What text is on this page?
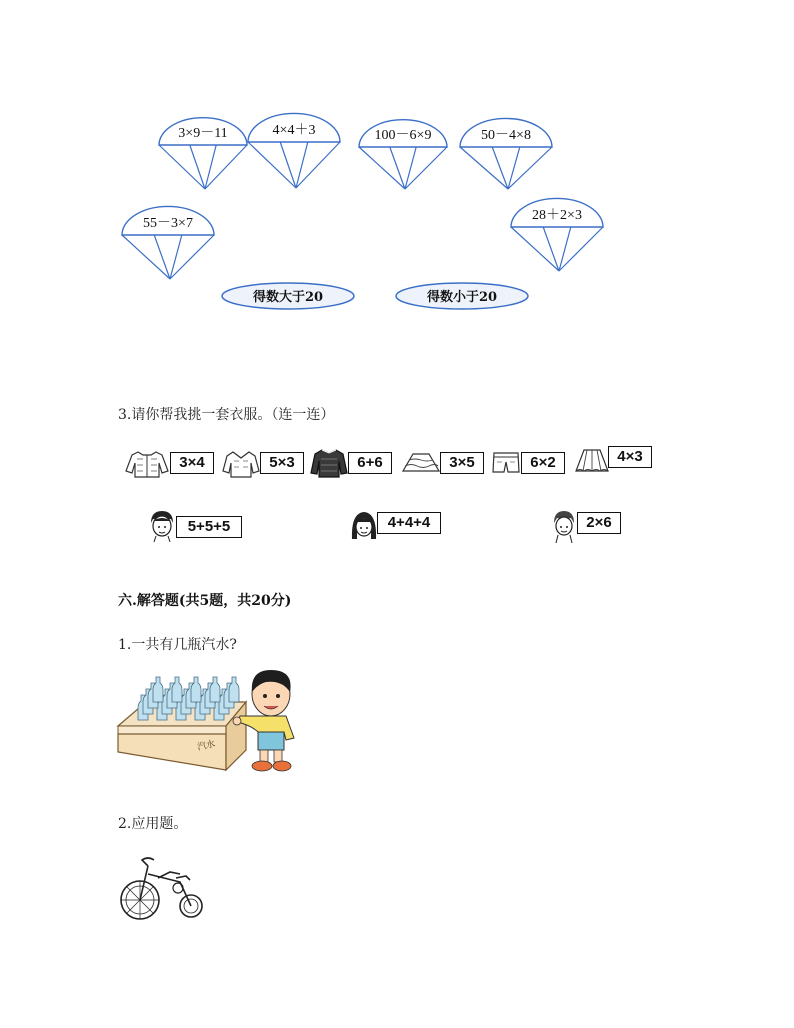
3×9－11	4×4＋3	100－6×9	50－4×8
55－3×7
28＋2×3
得数大于20	得数小于20
3.请你帮我挑一套衣服。（连一连）
3×4	5×3	6+6	3×5	6×2	4×3
5+5+5	4+4+4	2×6
六.解答题(共5题，共20分)
1.一共有几瓶汽水?
汽水
2.应用题。
